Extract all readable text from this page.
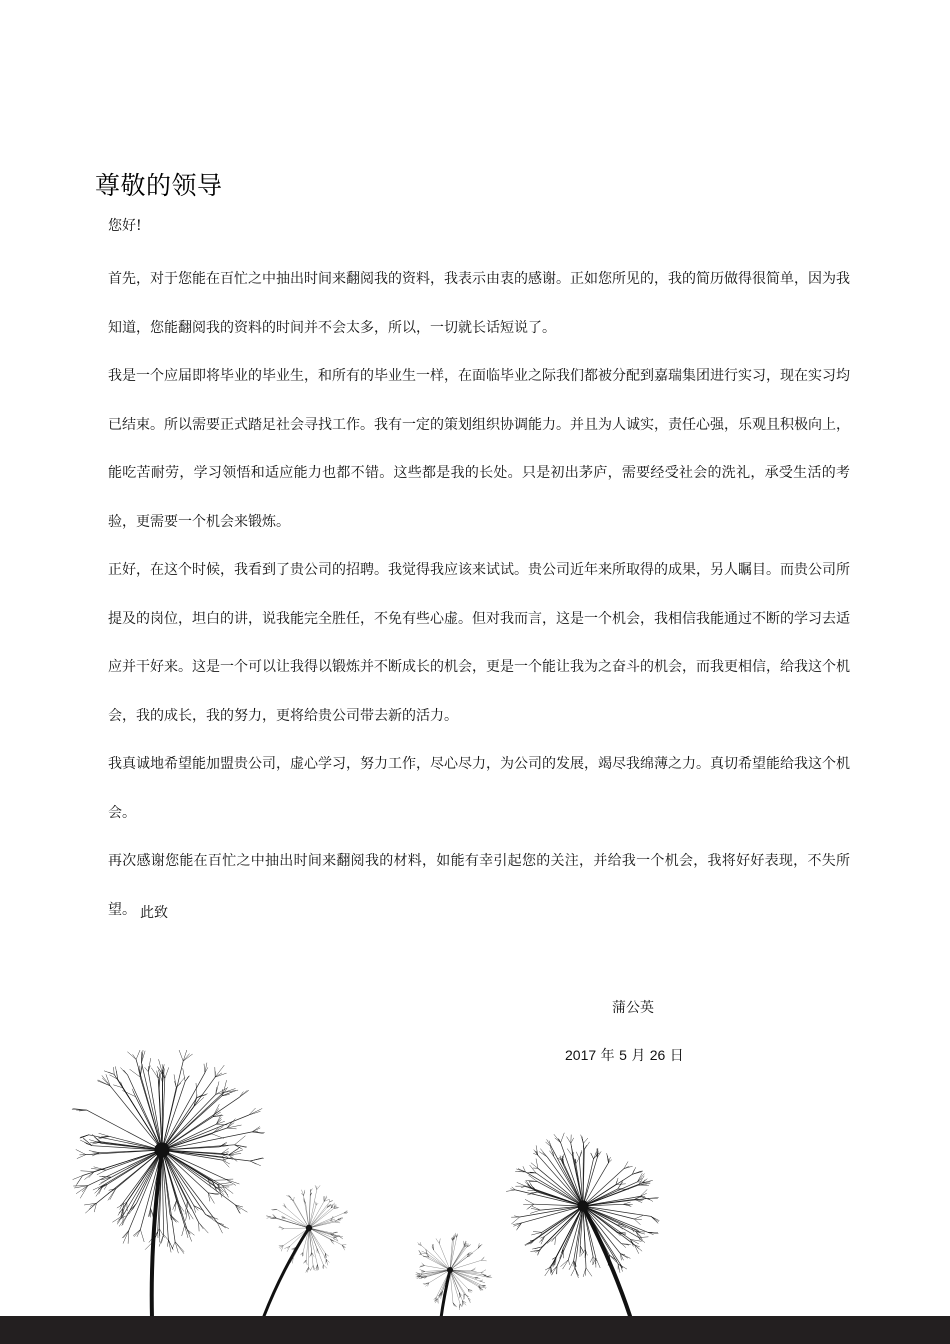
尊敬的领导
您好!

首先，对于您能在百忙之中抽出时间来翻阅我的资料，我表示由衷的感谢。正如您所见的，我的简历做得很简单，因为我知道，您能翻阅我的资料的时间并不会太多，所以，一切就长话短说了。

我是一个应届即将毕业的毕业生，和所有的毕业生一样，在面临毕业之际我们都被分配到嘉瑞集团进行实习，现在实习均已结束。所以需要正式踏足社会寻找工作。我有一定的策划组织协调能力。并且为人诚实，责任心强，乐观且积极向上，能吃苦耐劳，学习领悟和适应能力也都不错。这些都是我的长处。只是初出茅庐，需要经受社会的洗礼，承受生活的考验，更需要一个机会来锻炼。

正好，在这个时候，我看到了贵公司的招聘。我觉得我应该来试试。贵公司近年来所取得的成果，另人瞩目。而贵公司所提及的岗位，坦白的讲，说我能完全胜任，不免有些心虚。但对我而言，这是一个机会，我相信我能通过不断的学习去适应并干好来。这是一个可以让我得以锻炼并不断成长的机会，更是一个能让我为之奋斗的机会，而我更相信，给我这个机会，我的成长，我的努力，更将给贵公司带去新的活力。

我真诚地希望能加盟贵公司，虚心学习，努力工作，尽心尽力，为公司的发展，竭尽我绵薄之力。真切希望能给我这个机会。

再次感谢您能在百忙之中抽出时间来翻阅我的材料，如能有幸引起您的关注，并给我一个机会，我将好好表现，不失所望。 此致
蒲公英
2017 年 5 月 26 日
